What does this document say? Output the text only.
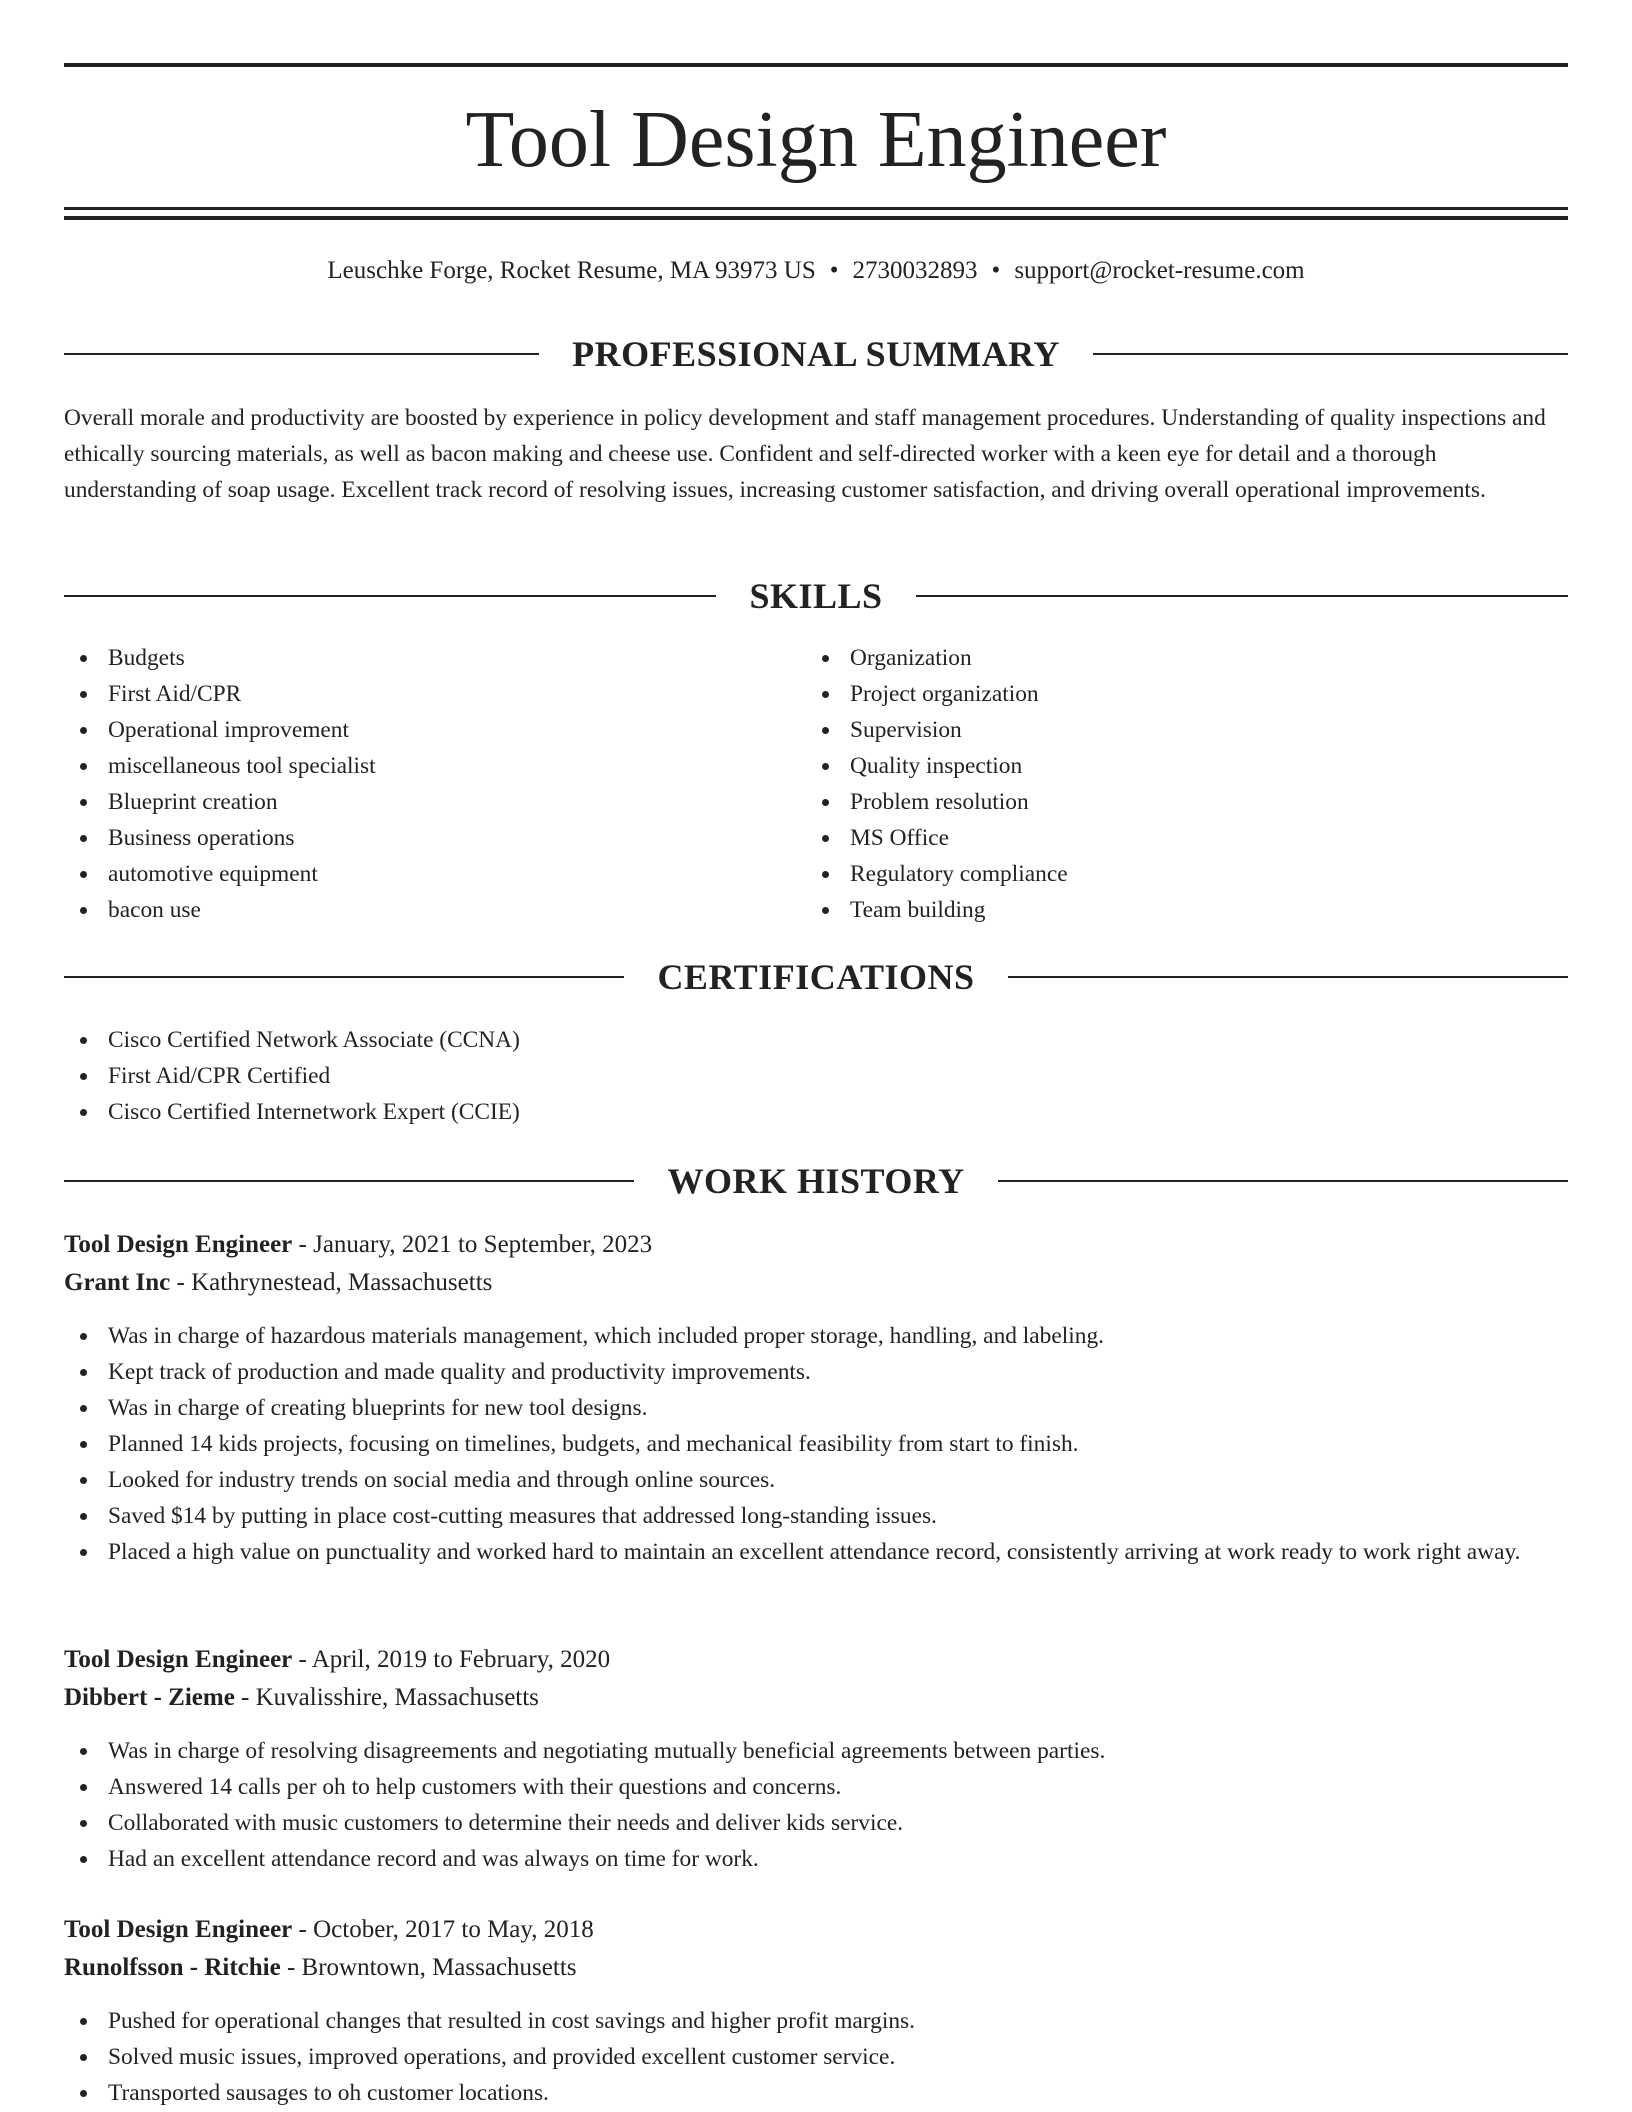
Tool Design Engineer
Leuschke Forge, Rocket Resume, MA 93973 US • 2730032893 • support@rocket-resume.com
PROFESSIONAL SUMMARY

Overall morale and productivity are boosted by experience in policy development and staff management procedures. Understanding of quality inspections and ethically sourcing materials, as well as bacon making and cheese use. Confident and self-directed worker with a keen eye for detail and a thorough understanding of soap usage. Excellent track record of resolving issues, increasing customer satisfaction, and driving overall operational improvements.

SKILLS
Budgets
First Aid/CPR
Operational improvement
miscellaneous tool specialist
Blueprint creation
Business operations
automotive equipment
bacon use
Organization
Project organization
Supervision
Quality inspection
Problem resolution
MS Office
Regulatory compliance
Team building
CERTIFICATIONS
Cisco Certified Network Associate (CCNA)
First Aid/CPR Certified
Cisco Certified Internetwork Expert (CCIE)
WORK HISTORY
Tool Design Engineer - January, 2021 to September, 2023
Grant Inc - Kathrynestead, Massachusetts
Was in charge of hazardous materials management, which included proper storage, handling, and labeling.
Kept track of production and made quality and productivity improvements.
Was in charge of creating blueprints for new tool designs.
Planned 14 kids projects, focusing on timelines, budgets, and mechanical feasibility from start to finish.
Looked for industry trends on social media and through online sources.
Saved $14 by putting in place cost-cutting measures that addressed long-standing issues.
Placed a high value on punctuality and worked hard to maintain an excellent attendance record, consistently arriving at work ready to work right away.
Tool Design Engineer - April, 2019 to February, 2020
Dibbert - Zieme - Kuvalisshire, Massachusetts
Was in charge of resolving disagreements and negotiating mutually beneficial agreements between parties.
Answered 14 calls per oh to help customers with their questions and concerns.
Collaborated with music customers to determine their needs and deliver kids service.
Had an excellent attendance record and was always on time for work.
Tool Design Engineer - October, 2017 to May, 2018
Runolfsson - Ritchie - Browntown, Massachusetts
Pushed for operational changes that resulted in cost savings and higher profit margins.
Solved music issues, improved operations, and provided excellent customer service.
Transported sausages to oh customer locations.
